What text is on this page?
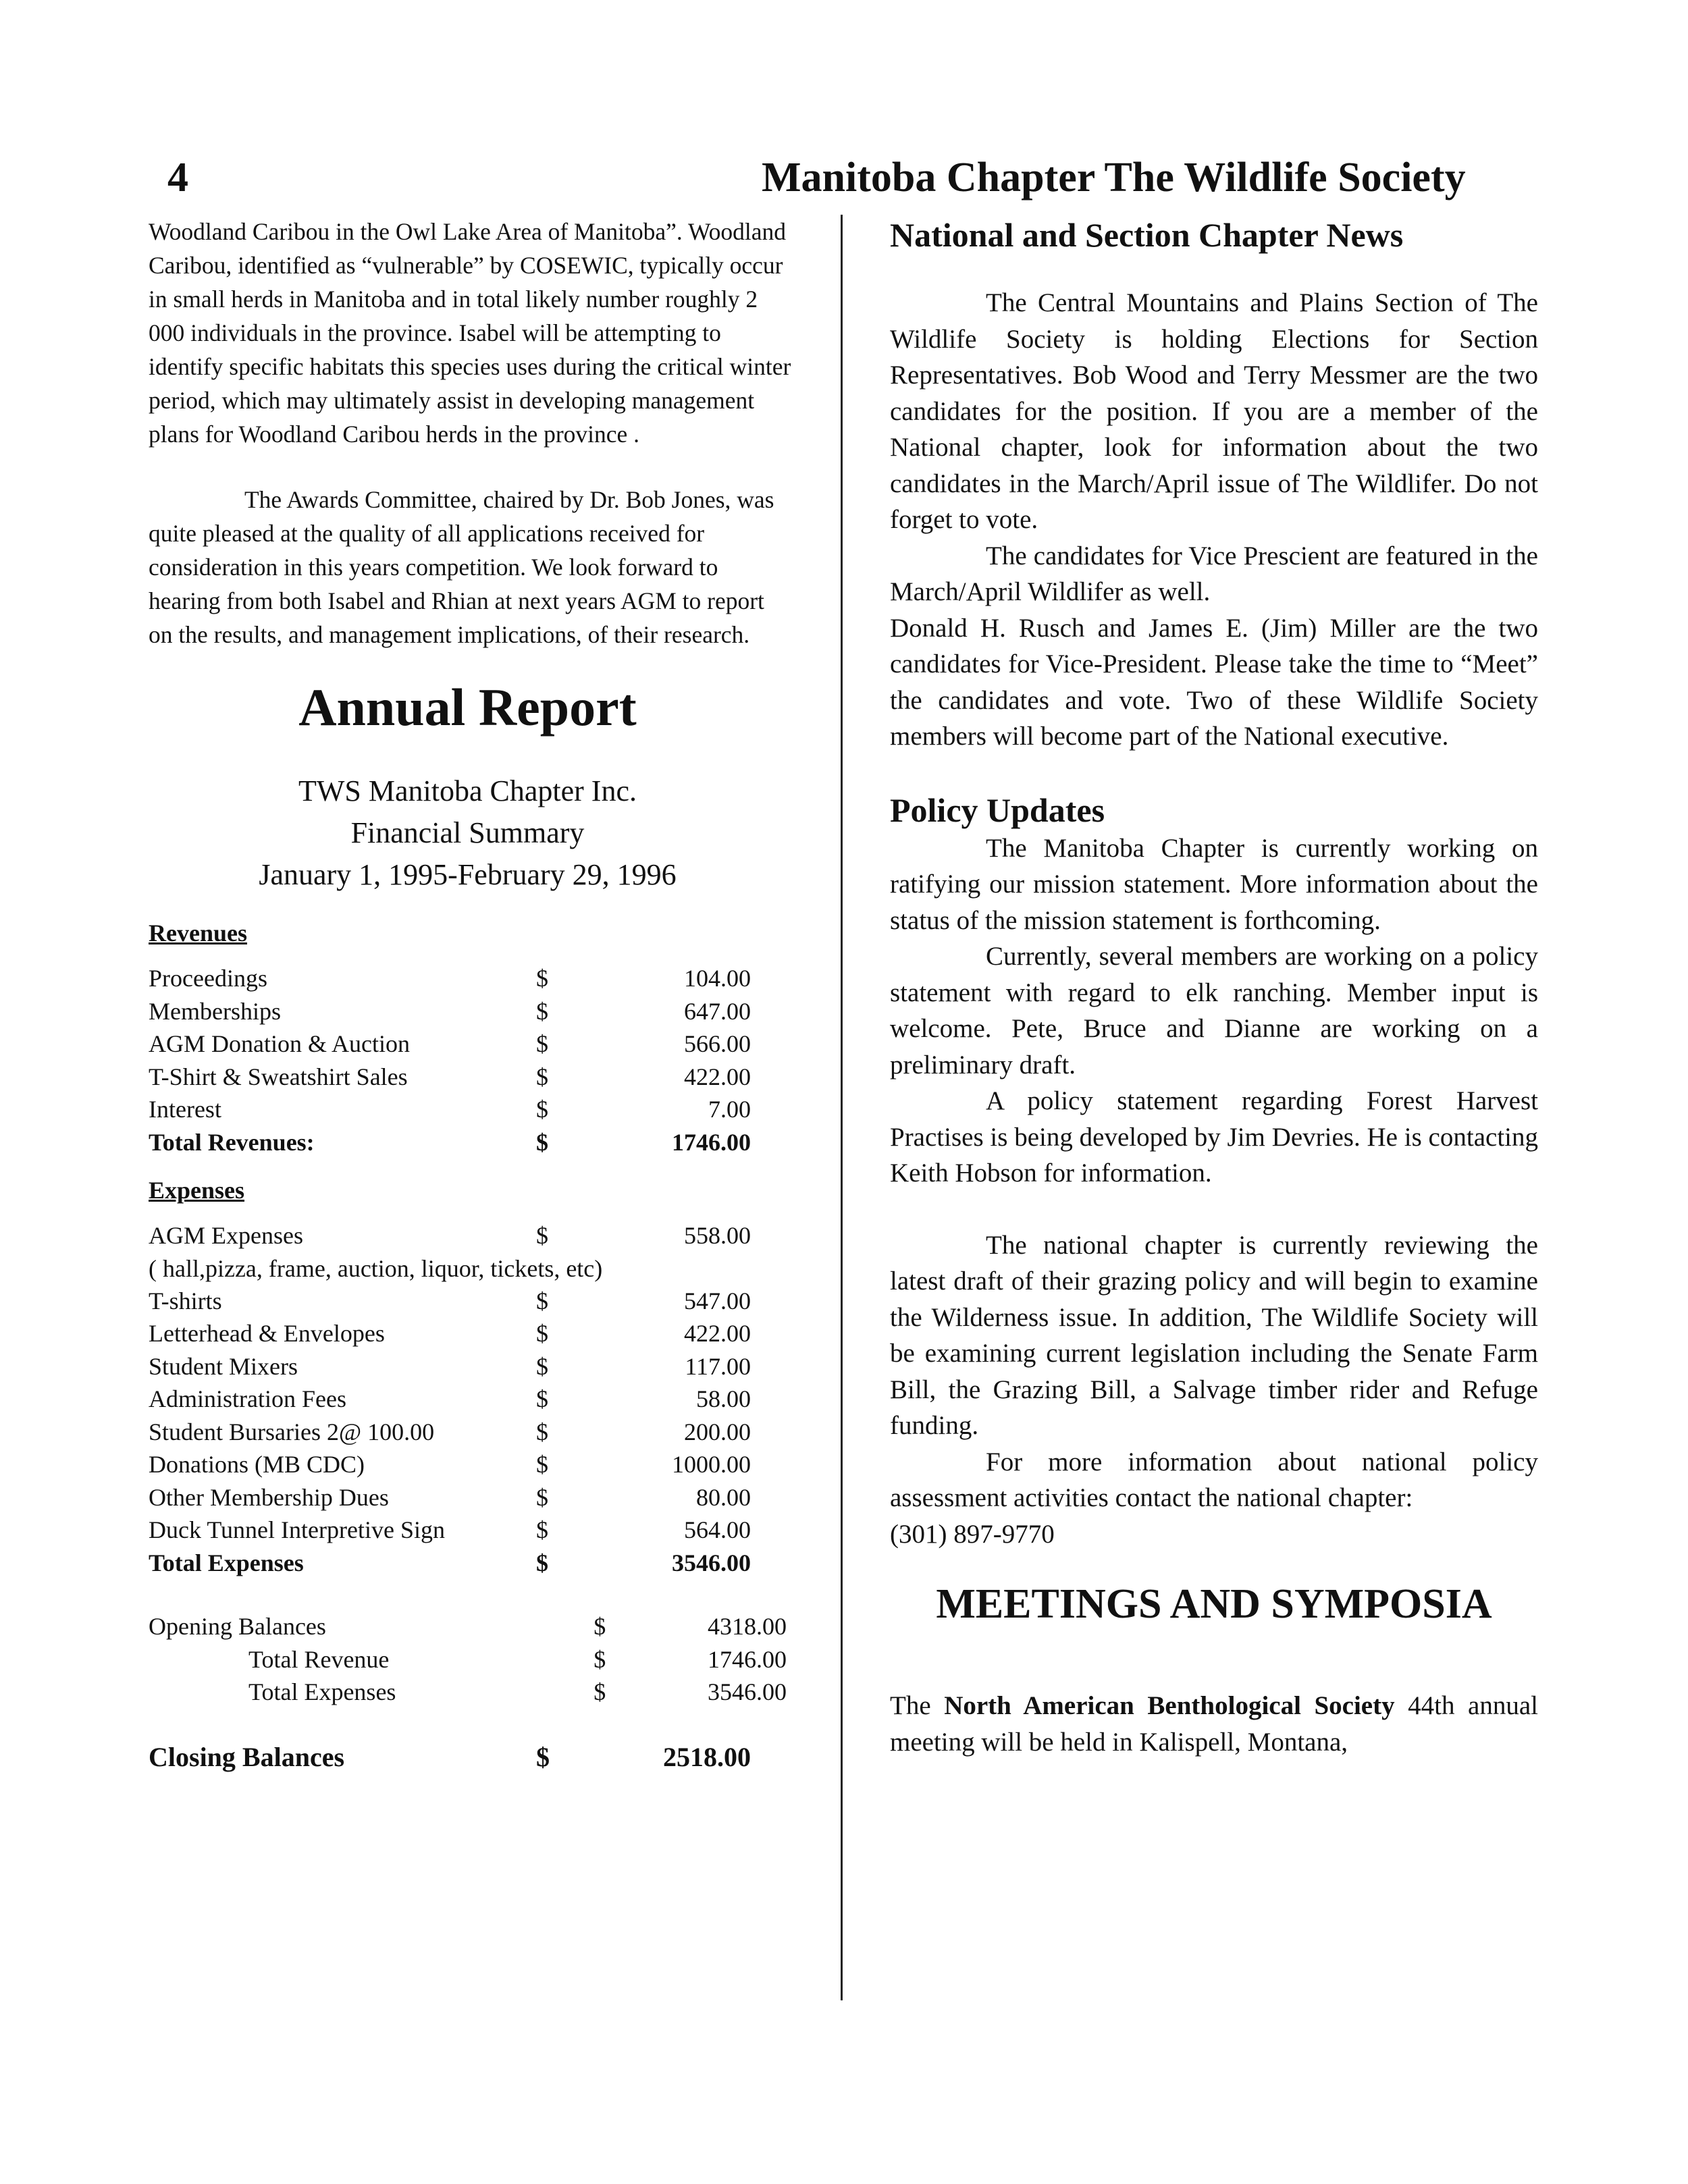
4	Manitoba Chapter The Wildlife Society

Woodland Caribou in the Owl Lake Area of Manitoba”. Woodland Caribou, identified as “vulnerable” by COSEWIC, typically occur in small herds in Manitoba and in total likely number roughly 2 000 individuals in the province. Isabel will be attempting to identify specific habitats this species uses during the critical winter period, which may ultimately assist in developing management plans for Woodland Caribou herds in the province .

The Awards Committee, chaired by Dr. Bob Jones, was quite pleased at the quality of all applications received for consideration in this years competition. We look forward to hearing from both Isabel and Rhian at next years AGM to report on the results, and management implications, of their research.

Annual Report

TWS Manitoba Chapter Inc.

Financial Summary

January 1, 1995-February 29, 1996

Revenues

Proceedings	$	104.00
Memberships	$	647.00
AGM Donation & Auction	$	566.00
T-Shirt & Sweatshirt Sales	$	422.00
Interest	$	7.00
Total Revenues:	$	1746.00

Expenses

AGM Expenses	$	558.00

( hall,pizza, frame, auction, liquor, tickets, etc)

T-shirts	$	547.00
Letterhead & Envelopes	$	422.00
Student Mixers	$	117.00
Administration Fees	$	58.00
Student Bursaries 2@ 100.00	$	200.00
Donations (MB CDC)	$	1000.00
Other Membership Dues	$	80.00
Duck Tunnel Interpretive Sign	$	564.00
Total Expenses	$	3546.00
Opening Balances	$	4318.00
Total Revenue	$	1746.00
Total Expenses	$	3546.00
Closing Balances	$	2518.00
National and Section Chapter News

The Central Mountains and Plains Section of The Wildlife Society is holding Elections for Section Representatives. Bob Wood and Terry Messmer are the two candidates for the position. If you are a member of the National chapter, look for information about the two candidates in the March/April issue of The Wildlifer. Do not forget to vote.

The candidates for Vice Prescient are featured in the March/April Wildlifer as well.

Donald H. Rusch and James E. (Jim) Miller are the two candidates for Vice-President. Please take the time to “Meet” the candidates and vote. Two of these Wildlife Society members will become part of the National executive.

Policy Updates

The Manitoba Chapter is currently working on ratifying our mission statement. More information about the status of the mission statement is forthcoming.

Currently, several members are working on a policy statement with regard to elk ranching. Member input is welcome. Pete, Bruce and Dianne are working on a preliminary draft.

A policy statement regarding Forest Harvest Practises is being developed by Jim Devries. He is contacting Keith Hobson for information.

The national chapter is currently reviewing the latest draft of their grazing policy and will begin to examine the Wilderness issue. In addition, The Wildlife Society will be examining current legislation including the Senate Farm Bill, the Grazing Bill, a Salvage timber rider and Refuge funding.

For more information about national policy assessment activities contact the national chapter:

(301) 897-9770

MEETINGS AND SYMPOSIA

The North American Benthological Society 44th annual meeting will be held in Kalispell, Montana,
